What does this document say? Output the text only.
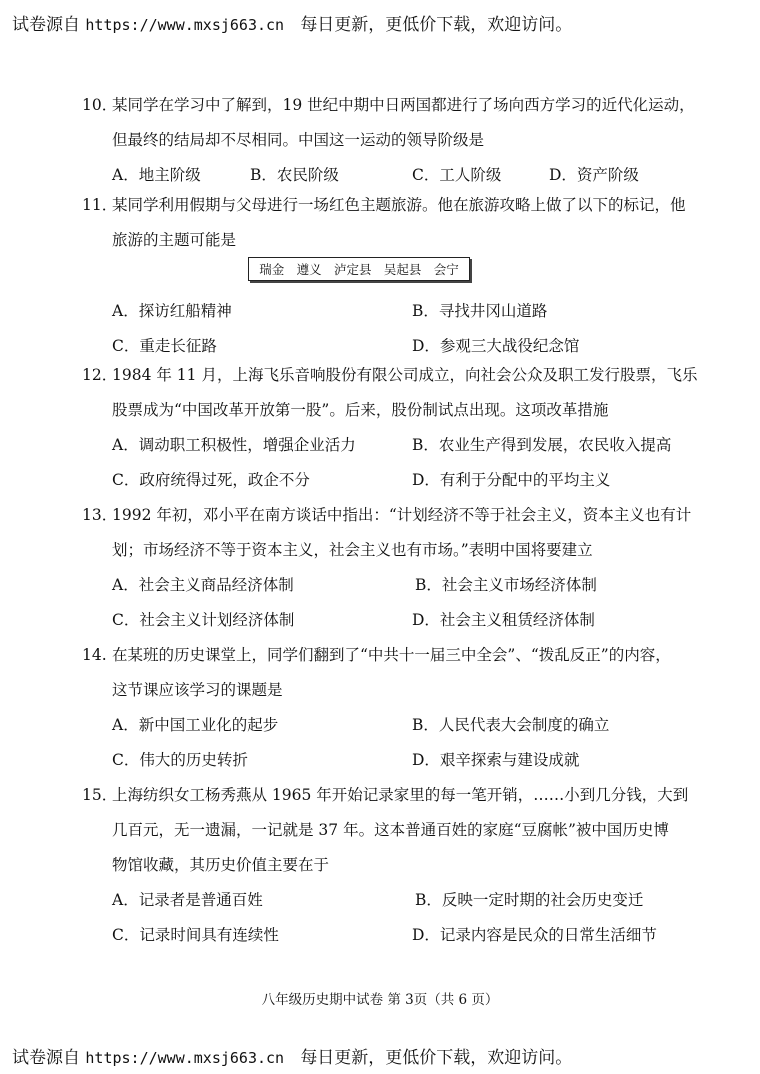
试卷源自 https://www.mxsj663.cn 每日更新，更低价下载，欢迎访问。
10．某同学在学习中了解到，19 世纪中期中日两国都进行了场向西方学习的近代化运动，
但最终的结局却不尽相同。中国这一运动的领导阶级是
A．地主阶级	B．农民阶级	C．工人阶级	D．资产阶级
11．某同学利用假期与父母进行一场红色主题旅游。他在旅游攻略上做了以下的标记，他
旅游的主题可能是
A．探访红船精神	B．寻找井冈山道路
C．重走长征路	D．参观三大战役纪念馆
瑞金 遵义 泸定县 吴起县 会宁
12．1984 年 11 月，上海飞乐音响股份有限公司成立，向社会公众及职工发行股票，飞乐
股票成为“中国改革开放第一股”。后来，股份制试点出现。这项改革措施
A．调动职工积极性，增强企业活力	B．农业生产得到发展，农民收入提高
C．政府统得过死，政企不分	D．有利于分配中的平均主义
13．1992 年初，邓小平在南方谈话中指出：“计划经济不等于社会主义，资本主义也有计
划；市场经济不等于资本主义，社会主义也有市场。”表明中国将要建立
A．社会主义商品经济体制	B．社会主义市场经济体制
C．社会主义计划经济体制	D．社会主义租赁经济体制
14. 在某班的历史课堂上，同学们翻到了“中共十一届三中全会”、“拨乱反正”的内容，
这节课应该学习的课题是
A．新中国工业化的起步	B．人民代表大会制度的确立
C．伟大的历史转折	D．艰辛探索与建设成就
15．上海纺织女工杨秀燕从 1965 年开始记录家里的每一笔开销，……小到几分钱，大到
几百元，无一遗漏，一记就是 37 年。这本普通百姓的家庭“豆腐帐”被中国历史博
物馆收藏，其历史价值主要在于
A．记录者是普通百姓	B．反映一定时期的社会历史变迁
C．记录时间具有连续性	D．记录内容是民众的日常生活细节
八年级历史期中试卷 第 3页（共 6 页）
试卷源自 https://www.mxsj663.cn 每日更新，更低价下载，欢迎访问。
